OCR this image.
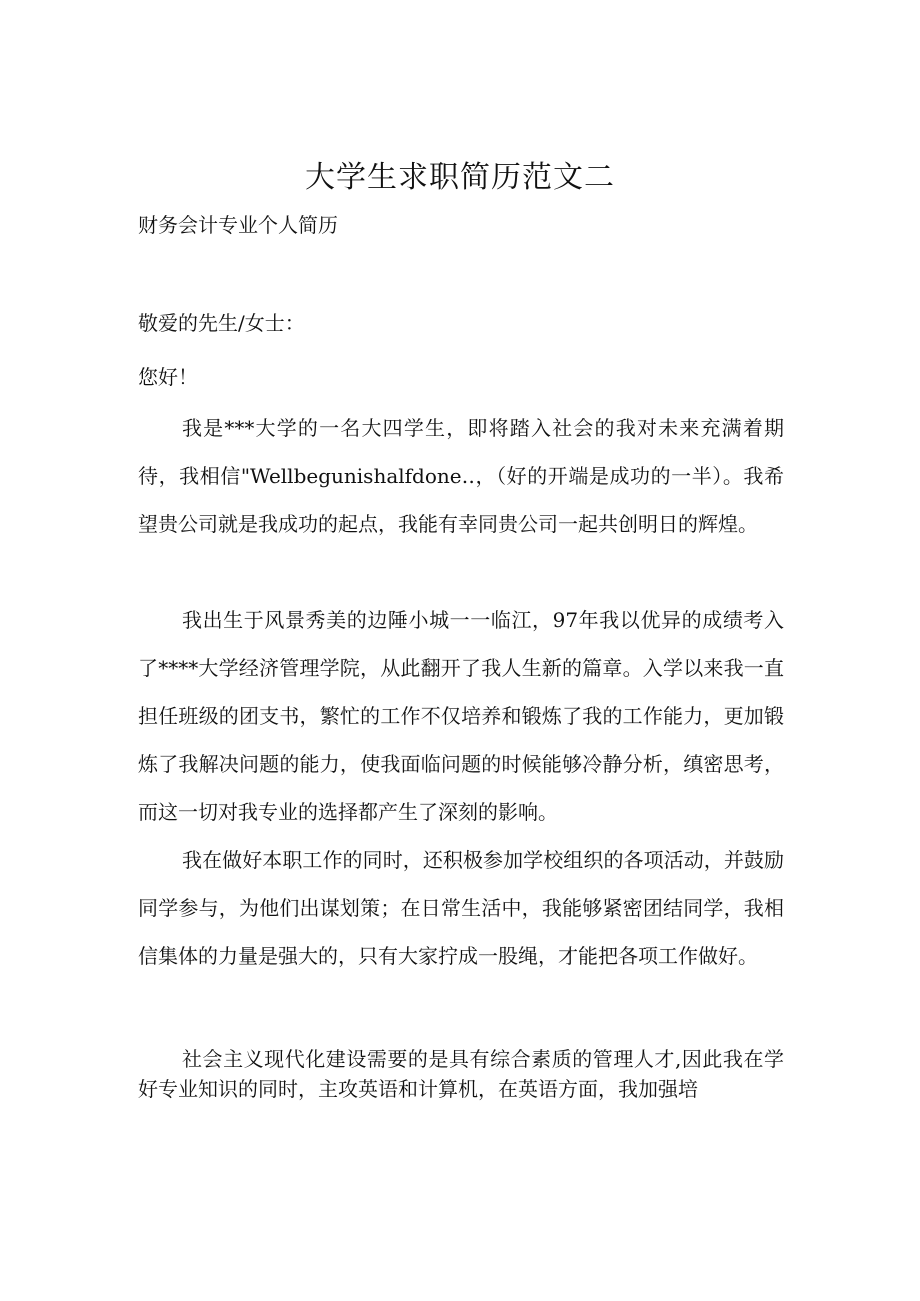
大学生求职简历范文二
财务会计专业个人简历
敬爱的先生/女士：
您好！

我是***大学的一名大四学生，即将踏入社会的我对未来充满着期待，我相信"Wellbegunishalfdone‥，（好的开端是成功的一半）。我希望贵公司就是我成功的起点，我能有幸同贵公司一起共创明日的辉煌。

我出生于风景秀美的边陲小城一一临江，97年我以优异的成绩考入了****大学经济管理学院，从此翻开了我人生新的篇章。入学以来我一直担任班级的团支书，繁忙的工作不仅培养和锻炼了我的工作能力，更加锻炼了我解决问题的能力，使我面临问题的时候能够冷静分析，缜密思考，而这一切对我专业的选择都产生了深刻的影响。

我在做好本职工作的同时，还积极参加学校组织的各项活动，并鼓励同学参与，为他们出谋划策；在日常生活中，我能够紧密团结同学，我相信集体的力量是强大的，只有大家拧成一股绳，才能把各项工作做好。

社会主义现代化建设需要的是具有综合素质的管理人才,因此我在学好专业知识的同时，主攻英语和计算机，在英语方面，我加强培
